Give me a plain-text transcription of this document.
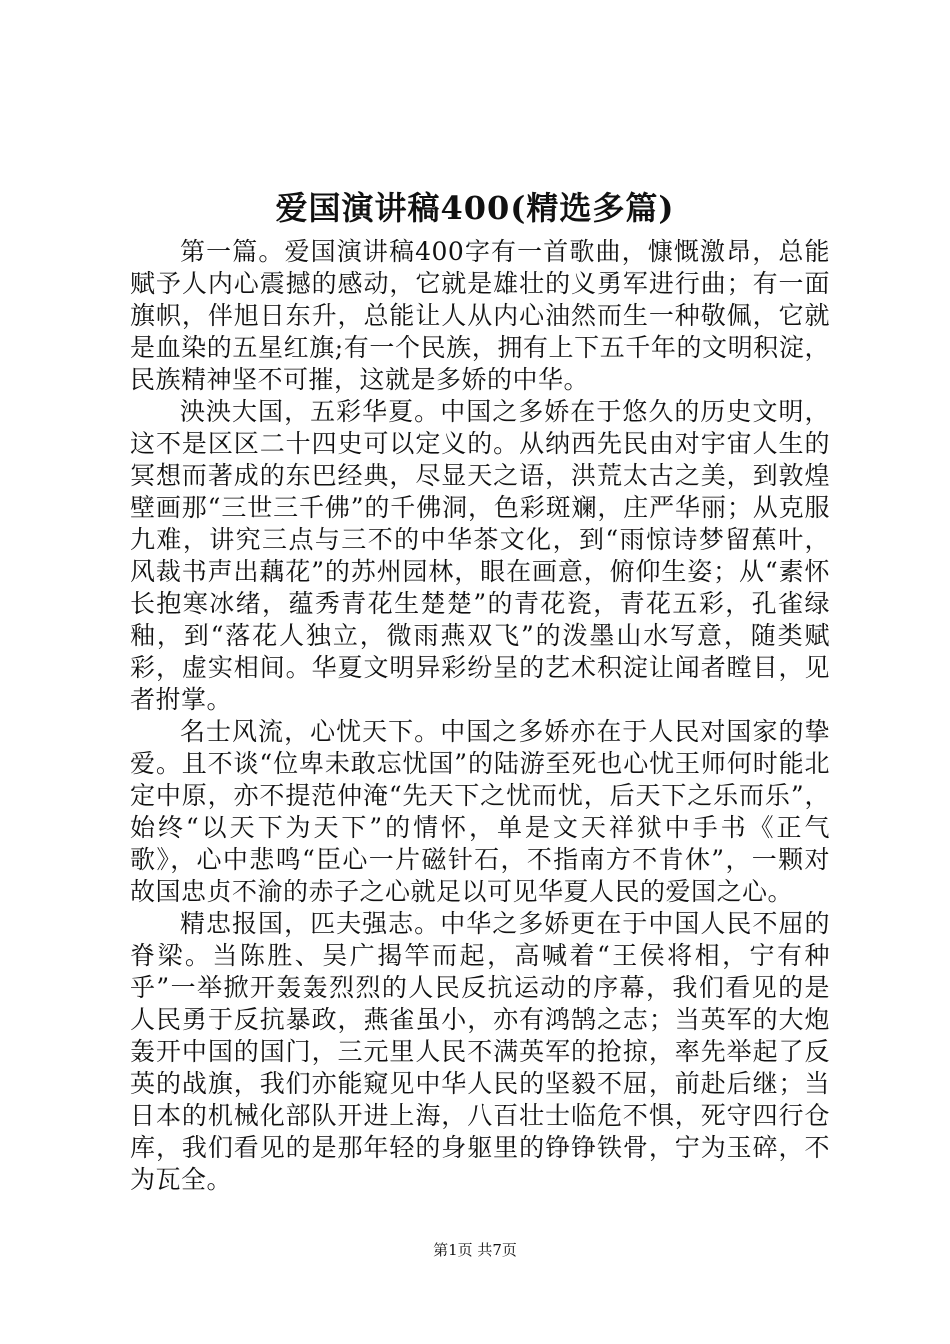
爱国演讲稿400(精选多篇)

第一篇。爱国演讲稿400字有一首歌曲，慷慨激昂，总能赋予人内心震撼的感动，它就是雄壮的义勇军进行曲；有一面旗帜，伴旭日东升，总能让人从内心油然而生一种敬佩，它就是血染的五星红旗;有一个民族，拥有上下五千年的文明积淀，民族精神坚不可摧，这就是多娇的中华。

泱泱大国，五彩华夏。中国之多娇在于悠久的历史文明，这不是区区二十四史可以定义的。从纳西先民由对宇宙人生的冥想而著成的东巴经典，尽显天之语，洪荒太古之美，到敦煌壁画那“三世三千佛”的千佛洞，色彩斑斓，庄严华丽；从克服九难，讲究三点与三不的中华茶文化，到“雨惊诗梦留蕉叶，风裁书声出藕花”的苏州园林，眼在画意，俯仰生姿；从“素怀长抱寒冰绪，蕴秀青花生楚楚”的青花瓷，青花五彩，孔雀绿釉，到“落花人独立，微雨燕双飞”的泼墨山水写意，随类赋彩，虚实相间。华夏文明异彩纷呈的艺术积淀让闻者瞠目，见者拊掌。

名士风流，心忧天下。中国之多娇亦在于人民对国家的挚爱。且不谈“位卑未敢忘忧国”的陆游至死也心忧王师何时能北定中原，亦不提范仲淹“先天下之忧而忧，后天下之乐而乐”，始终“以天下为天下”的情怀，单是文天祥狱中手书《正气歌》，心中悲鸣“臣心一片磁针石，不指南方不肯休”，一颗对故国忠贞不渝的赤子之心就足以可见华夏人民的爱国之心。

精忠报国，匹夫强志。中华之多娇更在于中国人民不屈的脊梁。当陈胜、吴广揭竿而起，高喊着“王侯将相，宁有种乎”一举掀开轰轰烈烈的人民反抗运动的序幕，我们看见的是人民勇于反抗暴政，燕雀虽小，亦有鸿鹄之志；当英军的大炮轰开中国的国门，三元里人民不满英军的抢掠，率先举起了反英的战旗，我们亦能窥见中华人民的坚毅不屈，前赴后继；当日本的机械化部队开进上海，八百壮士临危不惧，死守四行仓库，我们看见的是那年轻的身躯里的铮铮铁骨，宁为玉碎，不为瓦全。

第1页 共7页
